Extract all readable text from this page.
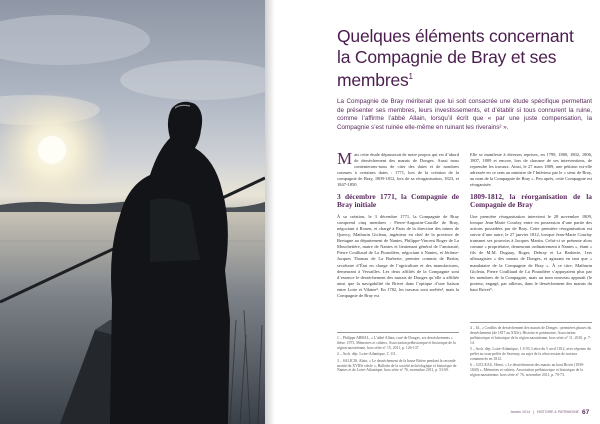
Quelques éléments concernant la Compagnie de Bray et ses membres$^1$

La Compagnie de Bray mériterait que lui soit consacrée une étude spécifique permettant de présenter ses membres, leurs investissements, et d’établir si tous connurent la ruine, comme l’affirme l’abbé Allain, lorsqu’il écrit que « par une juste compensation, la Compagnie s’est ruinée elle-même en ruinant les riverains² ».

M ais cette étude dépasserait de notre propos qui est d’abord de dessèchement des marais de Donges. Aussi nous contenterons-nous de citer des dates et de nombres connues à certaines dates : 1771, lors de la création de la compagnie de Bray, 1809-1812, lors de sa réorganisation, 1823, et 1847-1850.

3 décembre 1771, la Compagnie de Bray initiale

À sa création, le 3 décembre 1771, la Compagnie de Bray comprend cinq membres : Pierre-Augustin-Castille de Bray, négociant à Rouen, et chargé à Paris de la direction des mines de Quercy, Mathurin Gicleau, ingénieur en chef de la province de Bretagne au département de Nantes, Philippe-Vincent Roger de La Mouchetière, maire de Nantes et lieutenant général de l’amirauté, Pierre Coulliaud de La Piraudière, négociant à Nantes, et Jérôme-Jacques Thomas de La Barberie, premier commis de Bertin, secrétaire d’État en charge de l’agriculture et des manufactures, demeurant à Versailles. Les deux affiliés de la Compagnie sont d’essence le dessèchement des marais de Donges qu’elle a affiliée ainsi que la navigabilité du Brivet dans l’optique d’une liaison entre Loire et Vilaine³. En 1782, les travaux sont arrêtés⁴, mais la Compagnie de Bray est

Elle se manifeste à diverses reprises, en 1799, 1800, 1802, 1806, 1807, 1809 et encore, lors de chacune de ses interventions, de reprendre les travaux. Ainsi, le 27 mars 1809, une pétition est-elle adressée en ce sens au ministre de l’Intérieur par le « sieur de Bray, au nom de la Compagnie de Bray ». Peu après, cette Compagnie est réorganisée.

1809-1812, la réorganisation de la Compagnie de Bray

Une première réorganisation intervient le 28 novembre 1809, lorsque Jean-Marie Courlay entre en possession d’une partie des actions possédées par de Bray. Cette première réorganisation est suivie d’une autre, le 27 janvier 1812, lorsque Jean-Marie Courlay transmet ses pouvoirs à Jacques Martin. Celui-ci se présente alors comme « propriétaire, demeurant ordinairement à Nantes », étant « fils de M.M. Duguay, Roger, Debray et La Barberie, 1ers affouagistes » des marais de Donges, et agissant en tant que « mandataire de la Compagnie de Bray ». À ce titre, Mathurin Gicleau, Pierre Coulliaud de La Piraudière s’appuyaient plus par les membres de la Compagnie, mais un nom nouveau apparaît (le porteur, engagé, par ailleurs, dans le dessèchement des marais du haut Brivet⁵.

1 – Philippe ABBAL, « L’abbé Allain, curé de Donges, ses dessèchements » thèse, 1973, Mémoires et cahiers, Association préhistorique et historique de la région nazairienne, hors série n° 15, 2011, p. 126-137.

2 – Arch. dép. Loire-Atlantique, C 111.

3 – SALICIS, Alain, « Le dessèchement de la basse Brière pendant la seconde moitié du XVIIIe siècle », Bulletin de la société archéologique et historique de Nantes et de Loire-Atlantique, hors série n° 76, novembre 2011, p. 53-69.

4 – Id., « Conflits de dessèchement des marais de Donges : premières phases du dessèchement (de 1817 au XXIe). Histoire et patrimoine, Association préhistorique et historique de la région nazairienne, hors série n° 11, 2010, p. 7-14.

5 – Arch. dép. Loire-Atlantique, 1 S 95, Lettre du 5 avril 1812, avec réponse du préfet au sous-préfet de Savenay, au sujet de la rétrocession de travaux commencés en 1812.

6 – GICLEAU, Henri, « Le dessèchement des marais au haut Brivet (1830-1840) », Mémoires et cahiers, Association préhistorique et historique de la région nazairienne, hors série n° 76, novembre 2011, p. 70-73.

Janvier 2014 | HISTOIRE & PATRIMOINE 67
